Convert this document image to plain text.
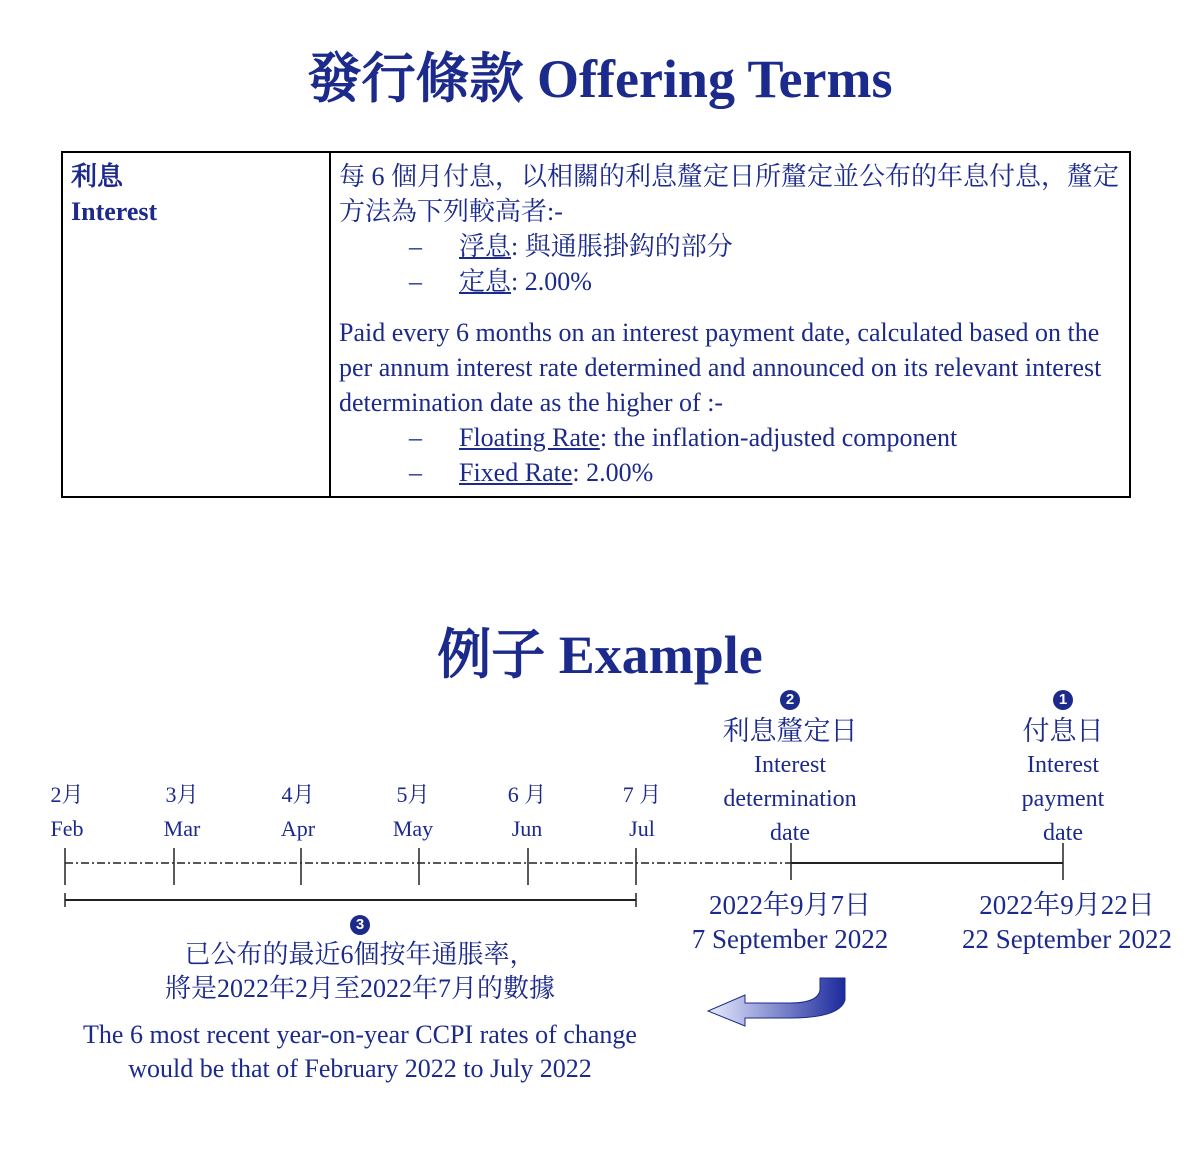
發行條款 Offering Terms
利息
Interest

每 6 個月付息，以相關的利息釐定日所釐定並公布的年息付息，釐定方法為下列較高者:-
– 浮息: 與通脹掛鈎的部分
– 定息: 2.00%
Paid every 6 months on an interest payment date, calculated based on the per annum interest rate determined and announced on its relevant interest determination date as the higher of :-
– Floating Rate: the inflation-adjusted component
– Fixed Rate: 2.00%
例子 Example
2月
Feb
3月
Mar
4月
Apr
5月
May
6 月
Jun
7 月
Jul
2
利息釐定日
Interest
determination
date
1
付息日
Interest
payment
date
2022年9月7日
7 September 2022
2022年9月22日
22 September 2022
3
已公布的最近6個按年通脹率，
將是2022年2月至2022年7月的數據
The 6 most recent year-on-year CCPI rates of change
would be that of February 2022 to July 2022
